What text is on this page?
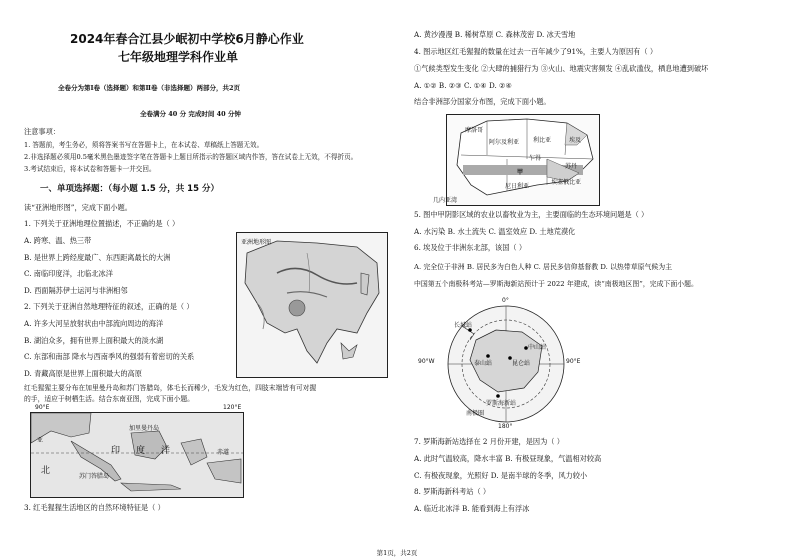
2024年春合江县少岷初中学校6月静心作业
七年级地理学科作业单
全卷分为第Ⅰ卷（选择题）和第Ⅱ卷（非选择题）两部分，共2页
全卷满分 40 分 完成时间 40 分钟
注意事项：
1. 答题前，考生务必，须将答案书写在答题卡上，在本试卷、草稿纸上答题无效。
2.非选择题必须用0.5毫米黑色墨迹签字笔在答题卡上题目所指示的答题区域内作答，答在试卷上无效，不得折页。
3.考试结束后，将本试卷和答题卡一并交回。
一、单项选择题：（每小题 1.5 分，共 15 分）
读“亚洲地形图”，完成下面小题。
1. 下列关于亚洲地理位置描述，不正确的是（ ）
A. 跨寒、温、热三带
B. 是世界上跨经度最广、东西距离最长的大洲
C. 南临印度洋，北临北冰洋
D. 西面隔苏伊士运河与非洲相邻
2. 下列关于亚洲自然地理特征的叙述，正确的是（ ）
A. 许多大河呈放射状由中部流向周边的海洋
B. 湖泊众多，拥有世界上面积最大的淡水湖
C. 东部和南部 降水与西南季风的强弱有着密切的关系
D. 青藏高原是世界上面积最大的高原
红毛猩猩主要分布在加里曼丹岛和苏门答腊岛，体毛长而稀少，毛发为红色，四肢末端皆有可对握
的手，适应于树栖生活。结合东南亚图，完成下面小题。
3. 红毛猩猩生活地区的自然环境特征是（ ）
亚洲地形图
90°E	120°E
亚
北
印度洋
加里曼丹岛
苏门答腊岛
赤道
A. 黄沙漫漫 B. 稀树草原 C. 森林茂密 D. 冰天雪地
4. 图示地区红毛猩猩的数量在过去一百年减少了91%，主要人为原因有（ ）
①气候类型发生变化 ②大肆的捕猎行为 ③火山、地震灾害频发 ④乱砍滥伐，栖息地遭到破坏
A. ①② B. ②③ C. ①④ D. ②④
结合非洲部分国家分布图，完成下面小题。
摩洛哥
阿尔及利亚 利比亚	埃及
苏丹
乍得
甲
埃塞俄比亚
尼日利亚
几内亚湾
5. 图中甲阴影区域的农业以畜牧业为主，主要面临的生态环境问题是（ ）
A. 水污染 B. 水土流失 C. 温室效应 D. 土地荒漠化
6. 埃及位于非洲东北部，该国（ ）
A. 完全位于非洲 B. 居民多为白色人种 C. 居民多信仰基督教 D. 以热带草原气候为主
中国第五个南极科考站—罗斯海新站预计于 2022 年建成，读“南极地区图”，完成下面小题。
90°W	90°E
180°
0°
长城站
中山站
昆仑站
泰山站
罗斯海新站
南极圈
7. 罗斯海新站选择在 2 月份开建，是因为（ ）
A. 此时气温较高，降水丰富 B. 有极昼现象，气温相对较高
C. 有极夜现象，光照好 D. 是南半球的冬季，风力较小
8. 罗斯海新科考站（ ）
A. 临近北冰洋 B. 能看到海上有浮冰
第1页，共2页
